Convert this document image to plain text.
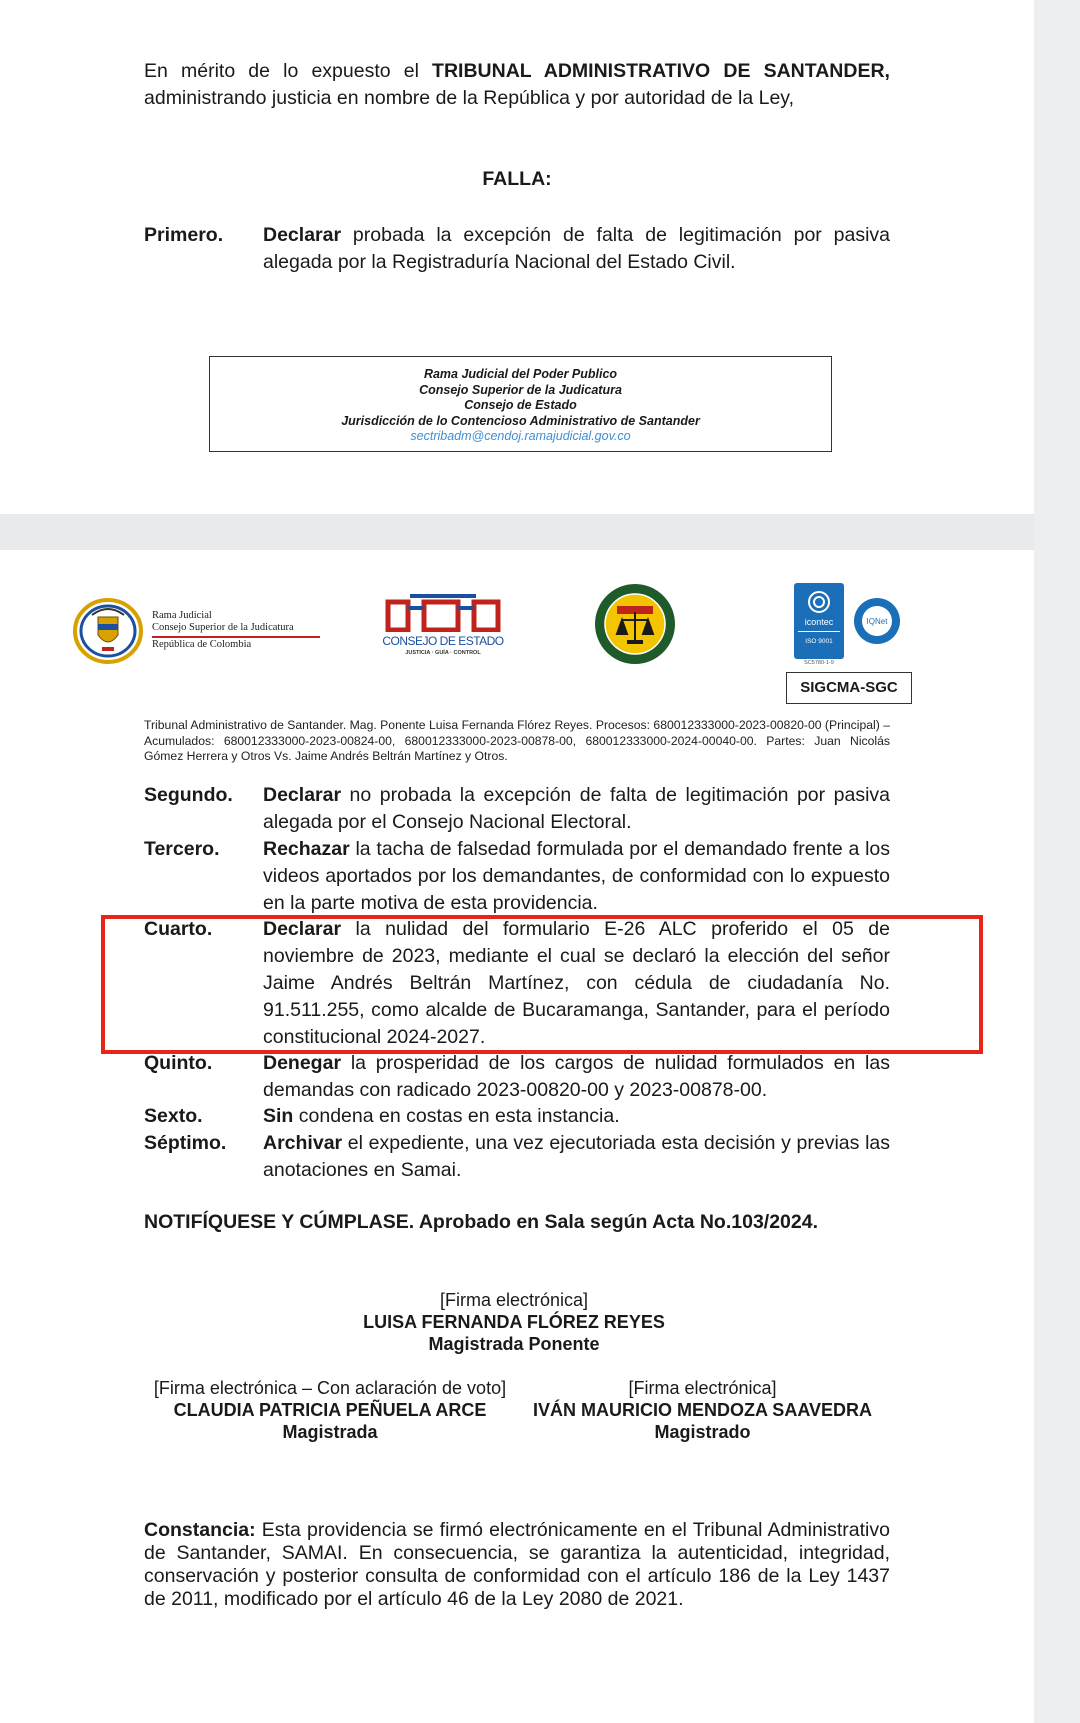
En mérito de lo expuesto el TRIBUNAL ADMINISTRATIVO DE SANTANDER,
administrando justicia en nombre de la República y por autoridad de la Ley,
FALLA:
Primero. Declarar probada la excepción de falta de legitimación por pasiva alegada por la Registraduría Nacional del Estado Civil.
Rama Judicial del Poder Publico
Consejo Superior de la Judicatura
Consejo de Estado
Jurisdicción de lo Contencioso Administrativo de Santander
sectribadm@cendoj.ramajudicial.gov.co
Rama Judicial
Consejo Superior de la Judicatura
República de Colombia	CONSEJO DE ESTADO
JUSTICIA · GUÍA · CONTROL
icontec
ISO 9001
IQNet
SC5780-1-9
SIGCMA-SGC
Tribunal Administrativo de Santander. Mag. Ponente Luisa Fernanda Flórez Reyes. Procesos: 680012333000-2023-00820-00 (Principal) – Acumulados: 680012333000-2023-00824-00, 680012333000-2023-00878-00, 680012333000-2024-00040-00. Partes: Juan Nicolás Gómez Herrera y Otros Vs. Jaime Andrés Beltrán Martínez y Otros.
Segundo. Declarar no probada la excepción de falta de legitimación por pasiva alegada por el Consejo Nacional Electoral.
Tercero. Rechazar la tacha de falsedad formulada por el demandado frente a los videos aportados por los demandantes, de conformidad con lo expuesto en la parte motiva de esta providencia.
Cuarto.	Declarar la nulidad del formulario E-26 ALC proferido el 05 de noviembre de 2023, mediante el cual se declaró la elección del señor Jaime Andrés Beltrán Martínez, con cédula de ciudadanía No. 91.511.255, como alcalde de Bucaramanga, Santander, para el período constitucional 2024-2027.
Quinto.	Denegar la prosperidad de los cargos de nulidad formulados en las demandas con radicado 2023-00820-00 y 2023-00878-00.
Sexto.	Sin condena en costas en esta instancia.
Séptimo. Archivar el expediente, una vez ejecutoriada esta decisión y previas las anotaciones en Samai.
NOTIFÍQUESE Y CÚMPLASE. Aprobado en Sala según Acta No.103/2024.
[Firma electrónica]
LUISA FERNANDA FLÓREZ REYES
Magistrada Ponente
[Firma electrónica – Con aclaración de voto]
CLAUDIA PATRICIA PEÑUELA ARCE
Magistrada
[Firma electrónica]
IVÁN MAURICIO MENDOZA SAAVEDRA
Magistrado
Constancia: Esta providencia se firmó electrónicamente en el Tribunal Administrativo de Santander, SAMAI. En consecuencia, se garantiza la autenticidad, integridad, conservación y posterior consulta de conformidad con el artículo 186 de la Ley 1437 de 2011, modificado por el artículo 46 de la Ley 2080 de 2021.
